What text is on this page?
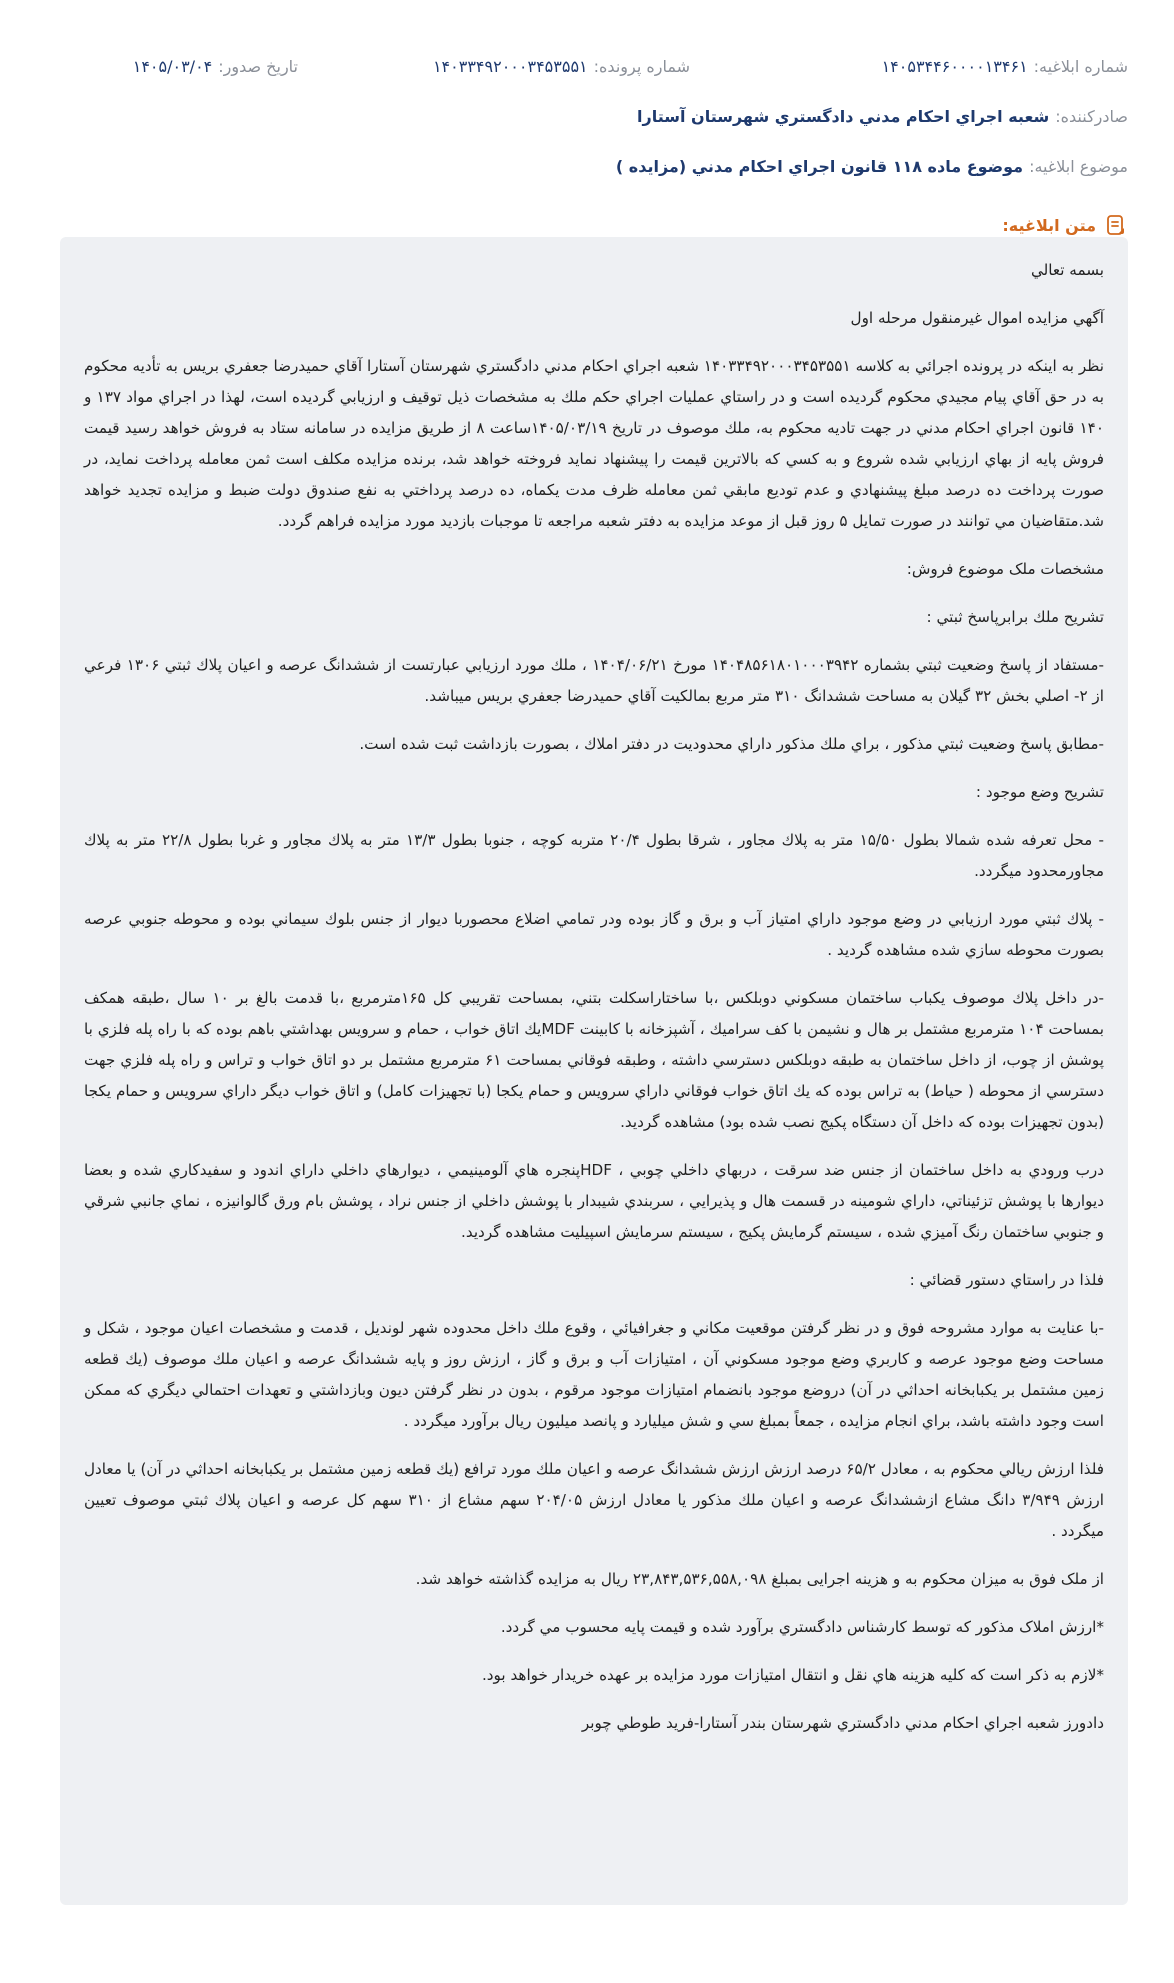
شماره ابلاغيه:
۱۴۰۵۳۴۴۶۰۰۰۰۱۳۴۶۱
شماره پرونده:
۱۴۰۳۳۴۹۲۰۰۰۳۴۵۳۵۵۱
تاريخ صدور:
۱۴۰۵/۰۳/۰۴
صادرکننده:
شعبه اجراي احكام مدني دادگستري شهرستان آستارا
موضوع ابلاغيه:
موضوع ماده ۱۱۸ قانون اجراي احکام مدني (مزايده )
متن ابلاغيه:

بسمه تعالي

آگهي مزايده اموال غيرمنقول مرحله اول

نظر به اينکه در پرونده اجرائي به کلاسه ۱۴۰۳۳۴۹۲۰۰۰۳۴۵۳۵۵۱ شعبه اجراي احکام مدني دادگستري شهرستان آستارا آقاي حميدرضا جعفري بريس به تأديه محکوم به در حق آقاي پيام مجيدي محکوم گرديده است و در راستاي عمليات اجراي حكم ملك به مشخصات ذيل توقيف و ارزيابي گرديده است، لهذا در اجراي مواد ۱۳۷ و ۱۴۰ قانون اجراي احکام مدني در جهت تاديه محکوم به، ملك موصوف در تاريخ ۱۴۰۵/۰۳/۱۹ساعت ۸ از طريق مزايده در سامانه ستاد به فروش خواهد رسيد قيمت فروش پايه از بهاي ارزيابي شده شروع و به کسي که بالاترين قيمت را پيشنهاد نمايد فروخته خواهد شد، برنده مزايده مکلف است ثمن معامله پرداخت نمايد، در صورت پرداخت ده درصد مبلغ پيشنهادي و عدم توديع مابقي ثمن معامله ظرف مدت يکماه، ده درصد پرداختي به نفع صندوق دولت ضبط و مزايده تجديد خواهد شد.متقاضيان مي توانند در صورت تمايل ۵ روز قبل از موعد مزايده به دفتر شعبه مراجعه تا موجبات بازديد مورد مزايده فراهم گردد.

مشخصات ملک موضوع فروش:

تشريح ملك برابرپاسخ ثبتي :

-مستفاد از پاسخ وضعيت ثبتي بشماره ۱۴۰۴۸۵۶۱۸۰۱۰۰۰۳۹۴۲ مورخ ۱۴۰۴/۰۶/۲۱ ، ملك مورد ارزيابي عبارتست از ششدانگ عرصه و اعيان پلاك ثبتي ۱۳۰۶ فرعي از ۲- اصلي بخش ۳۲ گيلان به مساحت ششدانگ ۳۱۰ متر مربع بمالكيت آقاي حميدرضا جعفري بريس ميباشد.

-مطابق پاسخ وضعيت ثبتي مذكور ، براي ملك مذكور داراي محدوديت در دفتر املاك ، بصورت بازداشت ثبت شده است.

تشريح وضع موجود :

- محل تعرفه شده شمالا بطول ۱۵/۵۰ متر به پلاك مجاور ، شرقا بطول ۲۰/۴ متربه كوچه ، جنوبا بطول ۱۳/۳ متر به پلاك مجاور و غربا بطول ۲۲/۸ متر به پلاك مجاورمحدود ميگردد.

- پلاك ثبتي مورد ارزيابي در وضع موجود داراي امتياز آب و برق و گاز بوده ودر تمامي اضلاع محصوربا ديوار از جنس بلوك سيماني بوده و محوطه جنوبي عرصه بصورت محوطه سازي شده مشاهده گرديد .

-در داخل پلاك موصوف يكباب ساختمان مسكوني دوبلكس ،با ساختاراسكلت بتني، بمساحت تقريبي كل ۱۶۵مترمربع ،با قدمت بالغ بر ۱۰ سال ،طبقه همكف بمساحت ۱۰۴ مترمربع مشتمل بر هال و نشيمن با كف سراميك ، آشپزخانه با كابينت MDFيك اتاق خواب ، حمام و سرويس بهداشتي باهم بوده كه با راه پله فلزي با پوشش از چوب، از داخل ساختمان به طبقه دوبلكس دسترسي داشته ، وطبقه فوقاني بمساحت ۶۱ مترمربع مشتمل بر دو اتاق خواب و تراس و راه پله فلزي جهت دسترسي از محوطه ( حياط) به تراس بوده كه يك اتاق خواب فوقاني داراي سرويس و حمام يكجا (با تجهيزات كامل) و اتاق خواب ديگر داراي سرويس و حمام يكجا (بدون تجهيزات بوده كه داخل آن دستگاه پكيج نصب شده بود) مشاهده گرديد.

درب ورودي به داخل ساختمان از جنس ضد سرقت ، دربهاي داخلي چوبي ، HDFپنجره هاي آلومينيمي ، ديوارهاي داخلي داراي اندود و سفيدكاري شده و بعضا ديوارها با پوشش تزئيناتي، داراي شومينه در قسمت هال و پذيرايي ، سربندي شيبدار با پوشش داخلي از جنس نراد ، پوشش بام ورق گالوانيزه ، نماي جانبي شرقي و جنوبي ساختمان رنگ آميزي شده ، سيستم گرمايش پكيج ، سيستم سرمايش اسپيليت مشاهده گرديد.

فلذا در راستاي دستور قضائي :

-با عنايت به موارد مشروحه فوق و در نظر گرفتن موقعيت مكاني و جغرافيائي ، وقوع ملك داخل محدوده شهر لونديل ، قدمت و مشخصات اعيان موجود ، شكل و مساحت وضع موجود عرصه و كاربري وضع موجود مسكوني آن ، امتيازات آب و برق و گاز ، ارزش روز و پايه ششدانگ عرصه و اعيان ملك موصوف (يك قطعه زمين مشتمل بر يكبابخانه احداثي در آن) دروضع موجود بانضمام امتيازات موجود مرقوم ، بدون در نظر گرفتن ديون وبازداشتي و تعهدات احتمالي ديگري كه ممكن است وجود داشته باشد، براي انجام مزايده ، جمعاً بمبلغ سي و شش ميليارد و پانصد ميليون ريال برآورد ميگردد .

فلذا ارزش ريالي محكوم به ، معادل ۶۵/۲ درصد ارزش ارزش ششدانگ عرصه و اعيان ملك مورد ترافع (يك قطعه زمين مشتمل بر يكبابخانه احداثي در آن) يا معادل ارزش ۳/۹۴۹ دانگ مشاع ازششدانگ عرصه و اعيان ملك مذكور يا معادل ارزش ۲۰۴/۰۵ سهم مشاع از ۳۱۰ سهم كل عرصه و اعيان پلاك ثبتي موصوف تعيين ميگردد .

از ملک فوق به ميزان محکوم به و هزينه اجرايی بمبلغ ۲۳,۸۴۳,۵۳۶,۵۵۸,۰۹۸ ريال به مزايده گذاشته خواهد شد.

*ارزش املاک مذکور که توسط کارشناس دادگستري برآورد شده و قيمت پايه محسوب مي گردد.

*لازم به ذکر است که کليه هزينه هاي نقل و انتقال امتيازات مورد مزايده بر عهده خريدار خواهد بود.

دادورز شعبه اجراي احکام مدني دادگستري شهرستان بندر آستارا-فريد طوطي چوبر
